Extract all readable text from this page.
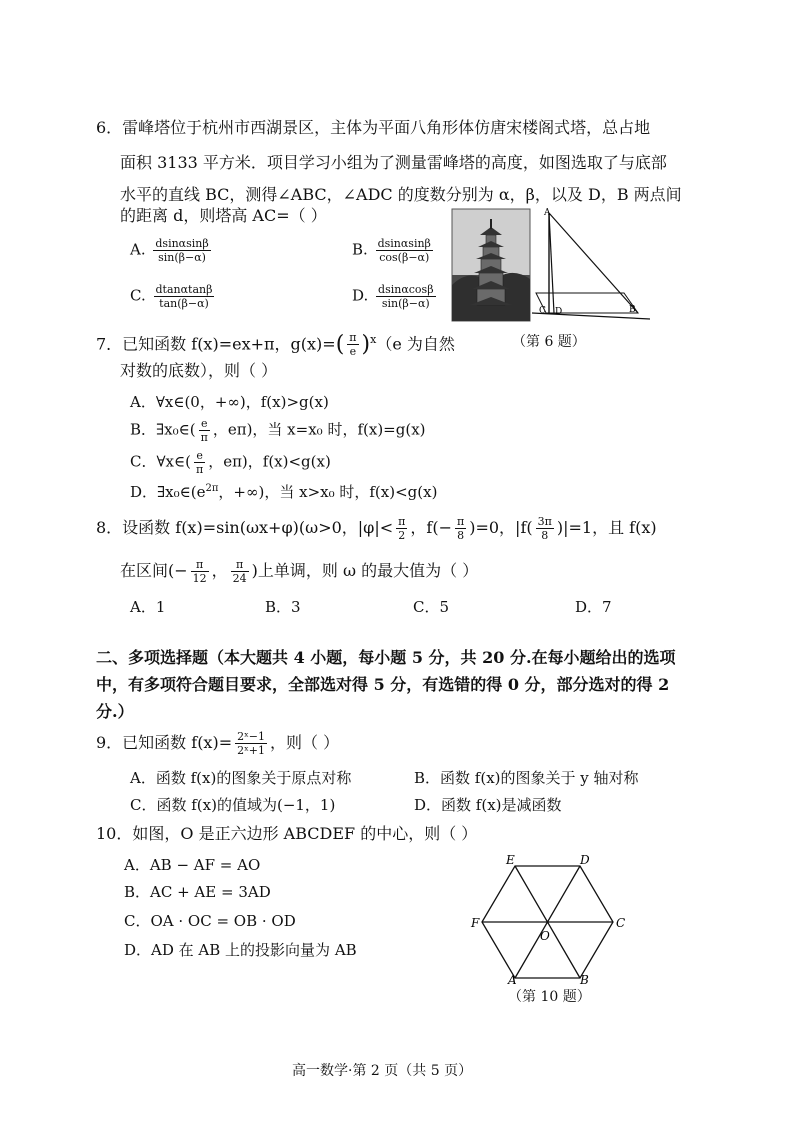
6．雷峰塔位于杭州市西湖景区，主体为平面八角形体仿唐宋楼阁式塔，总占地
面积 3133 平方米．项目学习小组为了测量雷峰塔的高度，如图选取了与底部
水平的直线 BC，测得∠ABC，∠ADC 的度数分别为 α，β，以及 D，B 两点间
的距离 d，则塔高 AC=（ ）
A. $\frac{dsin\alpha\sin\beta}{\sin(\beta-\alpha)}$	B. $\frac{dsin\alpha\sin\beta}{\cos(\beta-\alpha)}$
C. $\frac{dtan\alpha\tan\beta}{\tan(\beta-\alpha)}$	D. $\frac{dsin\alpha\cos\beta}{\sin(\beta-\alpha)}$
A
B
C D
（第 6 题）
7．已知函数 f(x)=ex+π，$g(x)=( \frac{\pi}{e} )^x(e$ 为自然
对数的底数），则（ ）
A．∀x∈(0，+∞)，f(x)>g(x)
B．∃x₀∈( $\frac{e}{\pi}$ ，eπ)，当 x=x₀ 时，f(x)=g(x)
C．∀x∈( $\frac{e}{\pi}$ ，eπ)，f(x)<g(x)
D．$\exists x_0\in(e^{2\pi}$，+∞)，当 x>x₀ 时，f(x)<g(x)
8．设函数 f(x)=sin(ωx+φ)(ω>0，$|\varphi|< \frac{\pi}{2}$ ，$f(- \frac{\pi}{8} )=0$，$|f( \frac{3\pi}{8} )|=1$，且 f(x)
在区间(− $\frac{\pi}{12}$ ， $\frac{\pi}{24}$ )上单调，则 ω 的最大值为（ ）
A．1	B．3	C．5	D．7
二、多项选择题（本大题共 4 小题，每小题 5 分，共 20 分.在每小题给出的选项
中，有多项符合题目要求，全部选对得 5 分，有选错的得 0 分，部分选对的得 2
分.）
9．已知函数 $f(x)= \frac{\text{2ˣ−1}}{\text{2ˣ+1}}$ ，则（ ）
A．函数 f(x)的图象关于原点对称	B．函数 f(x)的图象关于 y 轴对称
C．函数 f(x)的值域为(−1，1)	D．函数 f(x)是减函数
10．如图，O 是正六边形 ABCDEF 的中心，则（ ）
A．AB − AF = AO
B．AC + AE = 3AD
C．OA · OC = OB · OD
D．AD 在 AB 上的投影向量为 AB
E	D
C
F
O
A	B
（第 10 题）
高一数学·第 2 页（共 5 页）
